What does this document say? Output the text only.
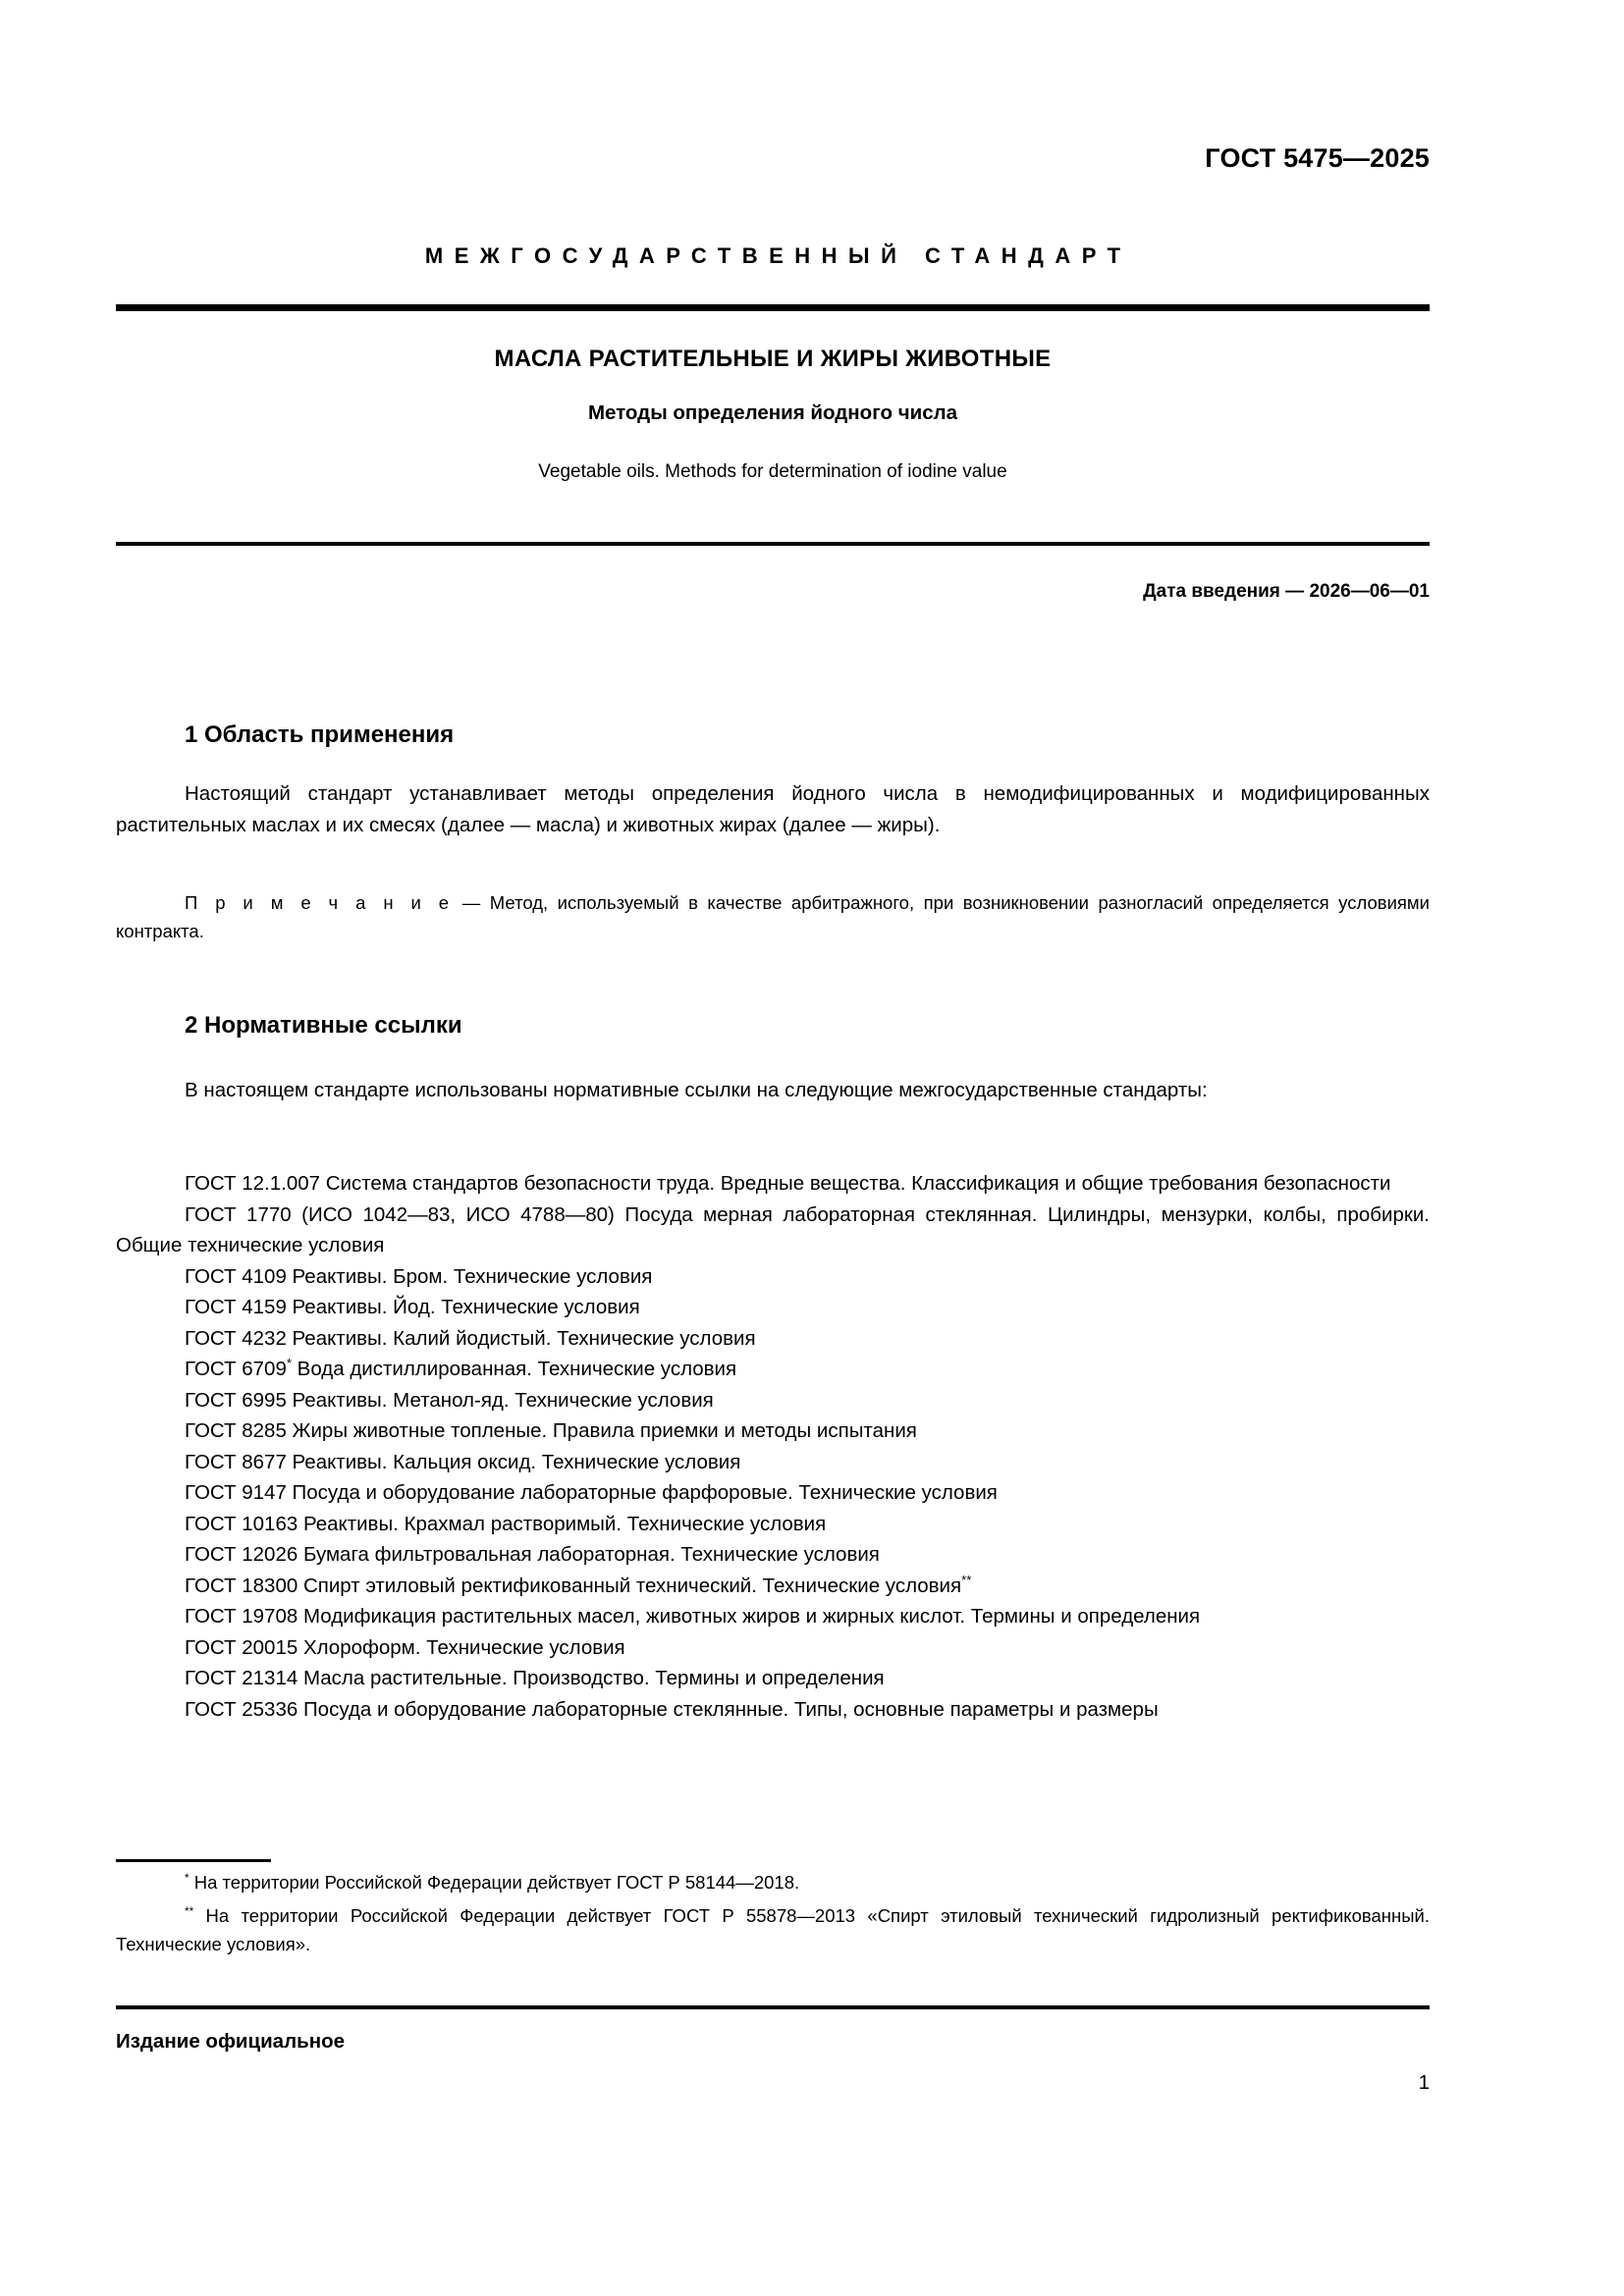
ГОСТ 5475—2025
МЕЖГОСУДАРСТВЕННЫЙ СТАНДАРТ
МАСЛА РАСТИТЕЛЬНЫЕ И ЖИРЫ ЖИВОТНЫЕ
Методы определения йодного числа
Vegetable oils. Methods for determination of iodine value
Дата введения — 2026—06—01
1 Область применения
Настоящий стандарт устанавливает методы определения йодного числа в немодифицированных и модифицированных растительных маслах и их смесях (далее — масла) и животных жирах (далее — жиры).
П р и м е ч а н и е — Метод, используемый в качестве арбитражного, при возникновении разногласий определяется условиями контракта.
2 Нормативные ссылки
В настоящем стандарте использованы нормативные ссылки на следующие межгосударственные стандарты:

ГОСТ 12.1.007 Система стандартов безопасности труда. Вредные вещества. Классификация и общие требования безопасности

ГОСТ 1770 (ИСО 1042—83, ИСО 4788—80) Посуда мерная лабораторная стеклянная. Цилиндры, мензурки, колбы, пробирки. Общие технические условия

ГОСТ 4109 Реактивы. Бром. Технические условия

ГОСТ 4159 Реактивы. Йод. Технические условия

ГОСТ 4232 Реактивы. Калий йодистый. Технические условия

ГОСТ 6709* Вода дистиллированная. Технические условия

ГОСТ 6995 Реактивы. Метанол-яд. Технические условия

ГОСТ 8285 Жиры животные топленые. Правила приемки и методы испытания

ГОСТ 8677 Реактивы. Кальция оксид. Технические условия

ГОСТ 9147 Посуда и оборудование лабораторные фарфоровые. Технические условия

ГОСТ 10163 Реактивы. Крахмал растворимый. Технические условия

ГОСТ 12026 Бумага фильтровальная лабораторная. Технические условия

ГОСТ 18300 Спирт этиловый ректификованный технический. Технические условия**

ГОСТ 19708 Модификация растительных масел, животных жиров и жирных кислот. Термины и определения

ГОСТ 20015 Хлороформ. Технические условия

ГОСТ 21314 Масла растительные. Производство. Термины и определения

ГОСТ 25336 Посуда и оборудование лабораторные стеклянные. Типы, основные параметры и размеры

* На территории Российской Федерации действует ГОСТ Р 58144—2018.

** На территории Российской Федерации действует ГОСТ Р 55878—2013 «Спирт этиловый технический гидролизный ректификованный. Технические условия».

Издание официальное
1
